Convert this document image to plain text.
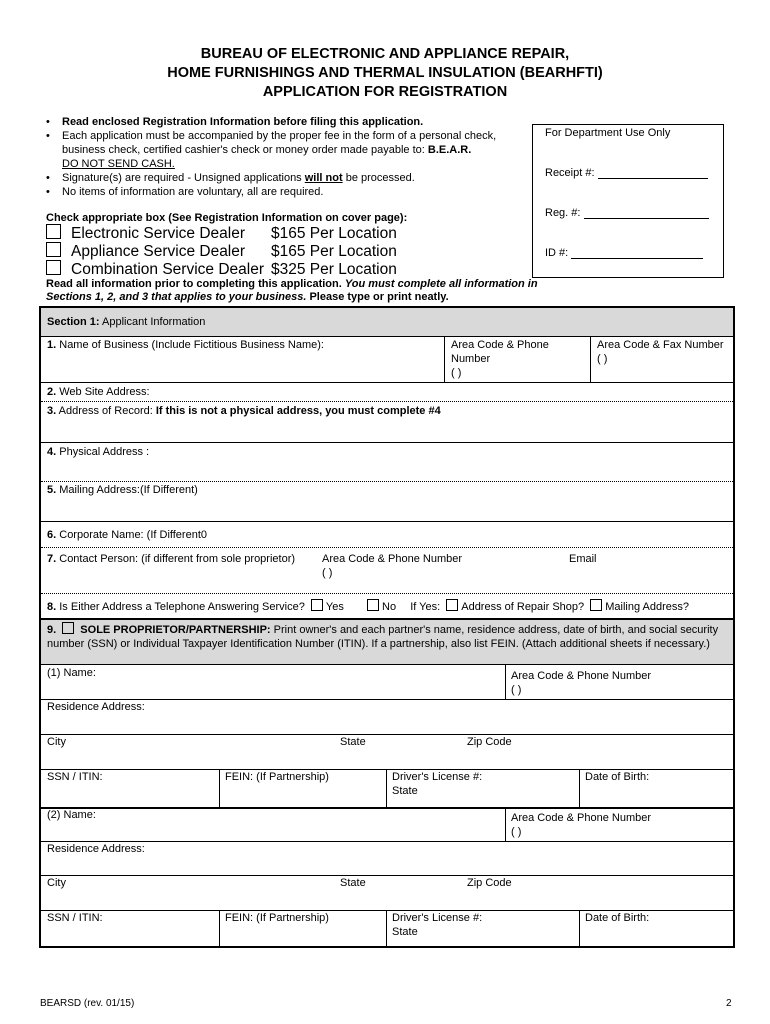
BUREAU OF ELECTRONIC AND APPLIANCE REPAIR,
HOME FURNISHINGS AND THERMAL INSULATION (BEARHFTI)
APPLICATION FOR REGISTRATION
• Read enclosed Registration Information before filing this application.
• Each application must be accompanied by the proper fee in the form of a personal check, business check, certified cashier's check or money order made payable to: B.E.A.R.
DO NOT SEND CASH.
• Signature(s) are required - Unsigned applications will not be processed.
• No items of information are voluntary, all are required.
For Department Use Only
Receipt #:
Reg. #:
ID #:
Check appropriate box (See Registration Information on cover page):
Electronic Service Dealer $165 Per Location
Appliance Service Dealer $165 Per Location
Combination Service Dealer $325 Per Location
Read all information prior to completing this application. You must complete all information in Sections 1, 2, and 3 that applies to your business. Please type or print neatly.
Section 1: Applicant Information
1. Name of Business (Include Fictitious Business Name):	Area Code & Phone Number
( )
Area Code & Fax Number
( )
2. Web Site Address:
3. Address of Record: If this is not a physical address, you must complete #4
4. Physical Address :
5. Mailing Address:(If Different)
6. Corporate Name: (If Different0
7. Contact Person: (if different from sole proprietor) Area Code & Phone Number
( )
Email
8. Is Either Address a Telephone Answering Service? Yes	No If Yes: Address of Repair Shop? Mailing Address?
9.  SOLE PROPRIETOR/PARTNERSHIP: Print owner's and each partner's name, residence address, date of birth, and social security number (SSN) or Individual Taxpayer Identification Number (ITIN). If a partnership, also list FEIN. (Attach additional sheets if necessary.)
(1) Name:	Area Code & Phone Number
( )
Residence Address:
City	State	Zip Code
SSN / ITIN:	FEIN: (If Partnership)	Driver's License #:
State
Date of Birth:
(2) Name:	Area Code & Phone Number
( )
Residence Address:
City	State	Zip Code
SSN / ITIN:	FEIN: (If Partnership)	Driver's License #:
State
Date of Birth:
BEARSD (rev. 01/15)	2
